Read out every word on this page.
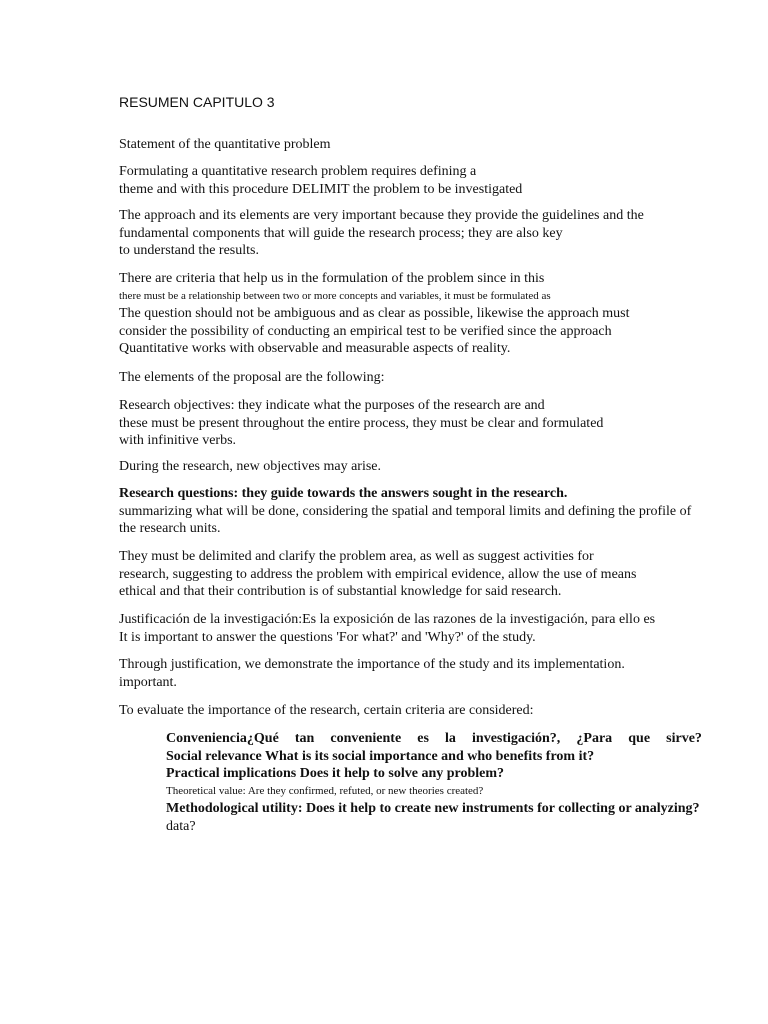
RESUMEN CAPITULO 3
Statement of the quantitative problem
Formulating a quantitative research problem requires defining a
theme and with this procedure DELIMIT the problem to be investigated
The approach and its elements are very important because they provide the guidelines and the
fundamental components that will guide the research process; they are also key
to understand the results.
There are criteria that help us in the formulation of the problem since in this
there must be a relationship between two or more concepts and variables, it must be formulated as
The question should not be ambiguous and as clear as possible, likewise the approach must
consider the possibility of conducting an empirical test to be verified since the approach
Quantitative works with observable and measurable aspects of reality.
The elements of the proposal are the following:
Research objectives: they indicate what the purposes of the research are and
these must be present throughout the entire process, they must be clear and formulated
with infinitive verbs.
During the research, new objectives may arise.
Research questions: they guide towards the answers sought in the research.
summarizing what will be done, considering the spatial and temporal limits and defining the profile of
the research units.
They must be delimited and clarify the problem area, as well as suggest activities for
research, suggesting to address the problem with empirical evidence, allow the use of means
ethical and that their contribution is of substantial knowledge for said research.
Justificación de la investigación:Es la exposición de las razones de la investigación, para ello es
It is important to answer the questions 'For what?' and 'Why?' of the study.
Through justification, we demonstrate the importance of the study and its implementation.
important.
To evaluate the importance of the research, certain criteria are considered:
Conveniencia¿Qué tan conveniente es la investigación?, ¿Para que sirve?
Social relevance What is its social importance and who benefits from it?
Practical implications Does it help to solve any problem?
Theoretical value: Are they confirmed, refuted, or new theories created?
Methodological utility: Does it help to create new instruments for collecting or analyzing?
data?
